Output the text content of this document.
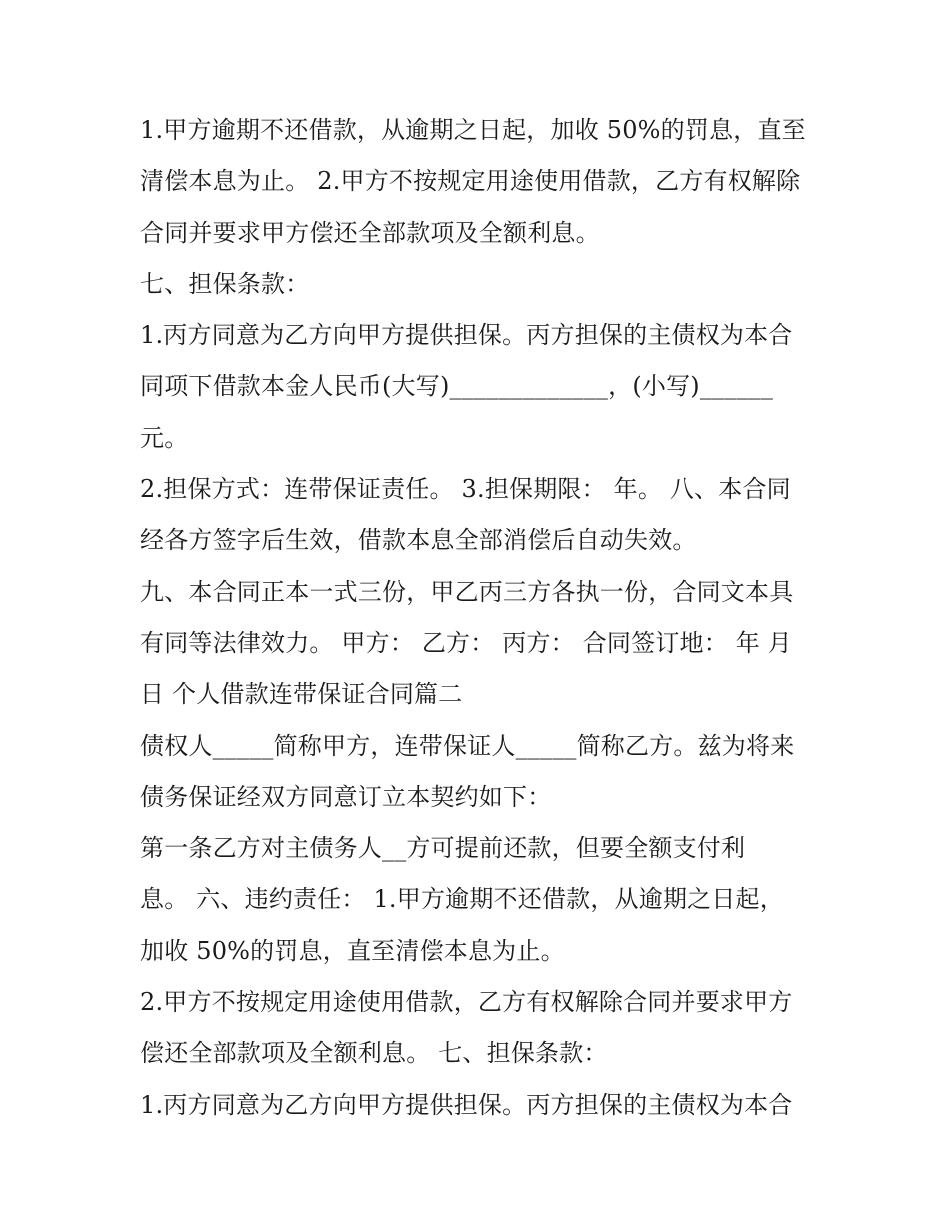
1.甲方逾期不还借款，从逾期之日起，加收 50%的罚息，直至
清偿本息为止。 2.甲方不按规定用途使用借款，乙方有权解除
合同并要求甲方偿还全部款项及全额利息。
七、担保条款：
1.丙方同意为乙方向甲方提供担保。丙方担保的主债权为本合
同项下借款本金人民币(大写)_____________，(小写)______
元。
2.担保方式：连带保证责任。 3.担保期限： 年。 八、本合同
经各方签字后生效，借款本息全部消偿后自动失效。
九、本合同正本一式三份，甲乙丙三方各执一份，合同文本具
有同等法律效力。 甲方： 乙方： 丙方： 合同签订地： 年 月
日 个人借款连带保证合同篇二
债权人_____简称甲方，连带保证人_____简称乙方。兹为将来
债务保证经双方同意订立本契约如下：
第一条乙方对主债务人__方可提前还款，但要全额支付利
息。 六、违约责任： 1.甲方逾期不还借款，从逾期之日起，
加收 50%的罚息，直至清偿本息为止。
2.甲方不按规定用途使用借款，乙方有权解除合同并要求甲方
偿还全部款项及全额利息。 七、担保条款：
1.丙方同意为乙方向甲方提供担保。丙方担保的主债权为本合
